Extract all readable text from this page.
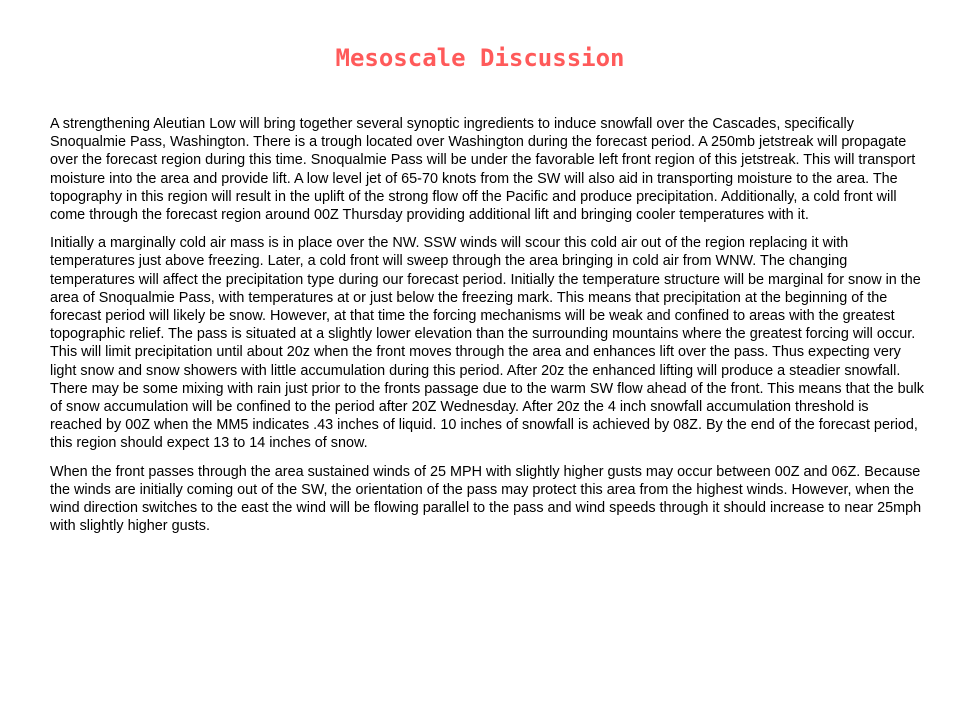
Mesoscale Discussion

A strengthening Aleutian Low will bring together several synoptic ingredients to induce snowfall over the Cascades, specifically Snoqualmie Pass, Washington. There is a trough located over Washington during the forecast period. A 250mb jetstreak will propagate over the forecast region during this time. Snoqualmie Pass will be under the favorable left front region of this jetstreak. This will transport moisture into the area and provide lift. A low level jet of 65-70 knots from the SW will also aid in transporting moisture to the area. The topography in this region will result in the uplift of the strong flow off the Pacific and produce precipitation. Additionally, a cold front will come through the forecast region around 00Z Thursday providing additional lift and bringing cooler temperatures with it.

Initially a marginally cold air mass is in place over the NW. SSW winds will scour this cold air out of the region replacing it with temperatures just above freezing. Later, a cold front will sweep through the area bringing in cold air from WNW. The changing temperatures will affect the precipitation type during our forecast period. Initially the temperature structure will be marginal for snow in the area of Snoqualmie Pass, with temperatures at or just below the freezing mark. This means that precipitation at the beginning of the forecast period will likely be snow. However, at that time the forcing mechanisms will be weak and confined to areas with the greatest topographic relief. The pass is situated at a slightly lower elevation than the surrounding mountains where the greatest forcing will occur. This will limit precipitation until about 20z when the front moves through the area and enhances lift over the pass. Thus expecting very light snow and snow showers with little accumulation during this period. After 20z the enhanced lifting will produce a steadier snowfall. There may be some mixing with rain just prior to the fronts passage due to the warm SW flow ahead of the front. This means that the bulk of snow accumulation will be confined to the period after 20Z Wednesday. After 20z the 4 inch snowfall accumulation threshold is reached by 00Z when the MM5 indicates .43 inches of liquid. 10 inches of snowfall is achieved by 08Z. By the end of the forecast period, this region should expect 13 to 14 inches of snow.

When the front passes through the area sustained winds of 25 MPH with slightly higher gusts may occur between 00Z and 06Z. Because the winds are initially coming out of the SW, the orientation of the pass may protect this area from the highest winds. However, when the wind direction switches to the east the wind will be flowing parallel to the pass and wind speeds through it should increase to near 25mph with slightly higher gusts.
